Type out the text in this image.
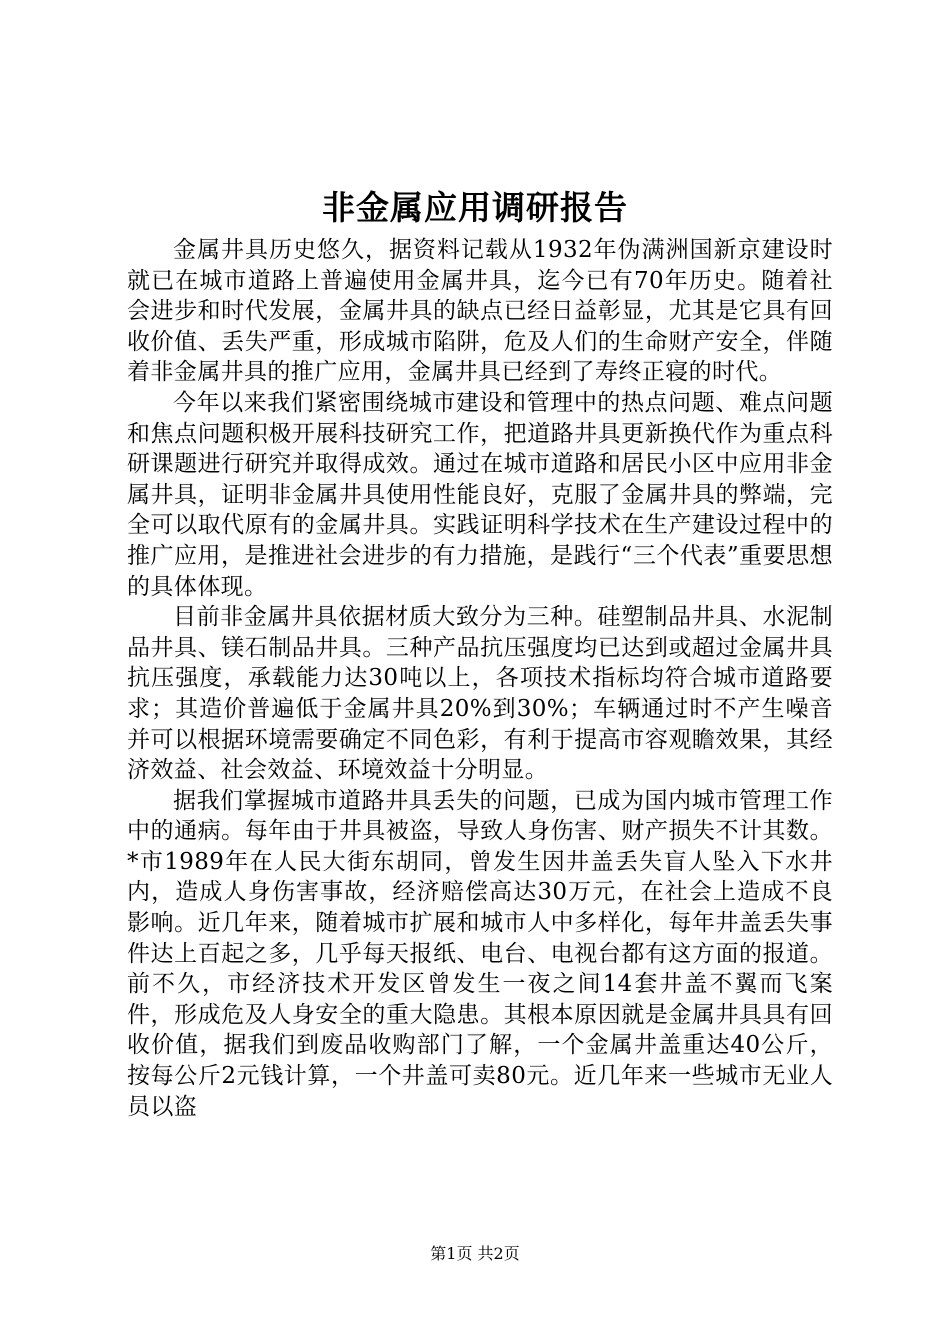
非金属应用调研报告

金属井具历史悠久，据资料记载从1932年伪满洲国新京建设时就已在城市道路上普遍使用金属井具，迄今已有70年历史。随着社会进步和时代发展，金属井具的缺点已经日益彰显，尤其是它具有回收价值、丢失严重，形成城市陷阱，危及人们的生命财产安全，伴随着非金属井具的推广应用，金属井具已经到了寿终正寝的时代。

今年以来我们紧密围绕城市建设和管理中的热点问题、难点问题和焦点问题积极开展科技研究工作，把道路井具更新换代作为重点科研课题进行研究并取得成效。通过在城市道路和居民小区中应用非金属井具，证明非金属井具使用性能良好，克服了金属井具的弊端，完全可以取代原有的金属井具。实践证明科学技术在生产建设过程中的推广应用，是推进社会进步的有力措施，是践行“三个代表”重要思想的具体体现。

目前非金属井具依据材质大致分为三种。硅塑制品井具、水泥制品井具、镁石制品井具。三种产品抗压强度均已达到或超过金属井具抗压强度，承载能力达30吨以上，各项技术指标均符合城市道路要求；其造价普遍低于金属井具20%到30%；车辆通过时不产生噪音并可以根据环境需要确定不同色彩，有利于提高市容观瞻效果，其经济效益、社会效益、环境效益十分明显。

据我们掌握城市道路井具丢失的问题，已成为国内城市管理工作中的通病。每年由于井具被盗，导致人身伤害、财产损失不计其数。*市1989年在人民大街东胡同，曾发生因井盖丢失盲人坠入下水井内，造成人身伤害事故，经济赔偿高达30万元，在社会上造成不良影响。近几年来，随着城市扩展和城市人中多样化，每年井盖丢失事件达上百起之多，几乎每天报纸、电台、电视台都有这方面的报道。前不久，市经济技术开发区曾发生一夜之间14套井盖不翼而飞案件，形成危及人身安全的重大隐患。其根本原因就是金属井具具有回收价值，据我们到废品收购部门了解，一个金属井盖重达40公斤，按每公斤2元钱计算，一个井盖可卖80元。近几年来一些城市无业人员以盗

第1页 共2页
